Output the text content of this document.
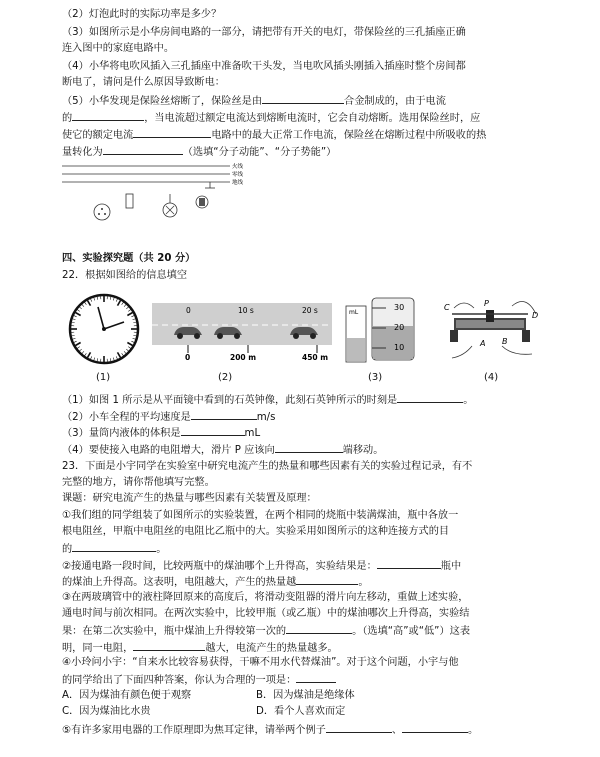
（2）灯泡此时的实际功率是多少？
（3）如图所示是小华房间电路的一部分，请把带有开关的电灯，带保险丝的三孔插座正确
连入图中的家庭电路中。
（4）小华将电吹风插入三孔插座中准备吹干头发，当电吹风插头刚插入插座时整个房间都
断电了，请问是什么原因导致断电：
（5）小华发现是保险丝熔断了，保险丝是由	合金制成的，由于电流
的	，当电流超过额定电流达到熔断电流时，它会自动熔断。选用保险丝时，应
使它的额定电流	电路中的最大正常工作电流，保险丝在熔断过程中所吸收的热
量转化为	（选填“分子动能”、“分子势能”）
火线
零线
地线
四、实验探究题（共 20 分）
22．根据如图给的信息填空
(1)
0	10 s	20 s
0	200 m	450 m
(2)
mL
30
20
10
(3)
C	P
D
A B
(4)
（1）如图 1 所示是从平面镜中看到的石英钟像，此刻石英钟所示的时刻是	。
（2）小车全程的平均速度是	m/s
（3）量筒内液体的体积是	mL
（4）要使接入电路的电阻增大，滑片 P 应该向	端移动。
23．下面是小宇同学在实验室中研究电流产生的热量和哪些因素有关的实验过程记录，有不
完整的地方，请你帮他填写完整。
课题：研究电流产生的热量与哪些因素有关装置及原理：
①我们组的同学组装了如图所示的实验装置，在两个相同的烧瓶中装满煤油，瓶中各放一
根电阻丝，甲瓶中电阻丝的电阻比乙瓶中的大。实验采用如图所示的这种连接方式的目
的	。
②接通电路一段时间，比较两瓶中的煤油哪个上升得高，实验结果是：	瓶中
的煤油上升得高。这表明，电阻越大，产生的热量越	。
③在两玻璃管中的液柱降回原来的高度后，将滑动变阻器的滑片向左移动，重做上述实验，
通电时间与前次相同。在两次实验中，比较甲瓶（或乙瓶）中的煤油哪次上升得高，实验结
果：在第二次实验中，瓶中煤油上升得较第一次的	。（选填“高”或“低”）这表
明，同一电阻，	越大，电流产生的热量越多。
④小玲问小宇：“自来水比较容易获得，干嘛不用水代替煤油”。对于这个问题，小宇与他
的同学给出了下面四种答案，你认为合理的一项是：
A．因为煤油有颜色便于观察	B．因为煤油是绝缘体
C．因为煤油比水贵	D．看个人喜欢而定
⑤有许多家用电器的工作原理即为焦耳定律，请举两个例子	、	。
